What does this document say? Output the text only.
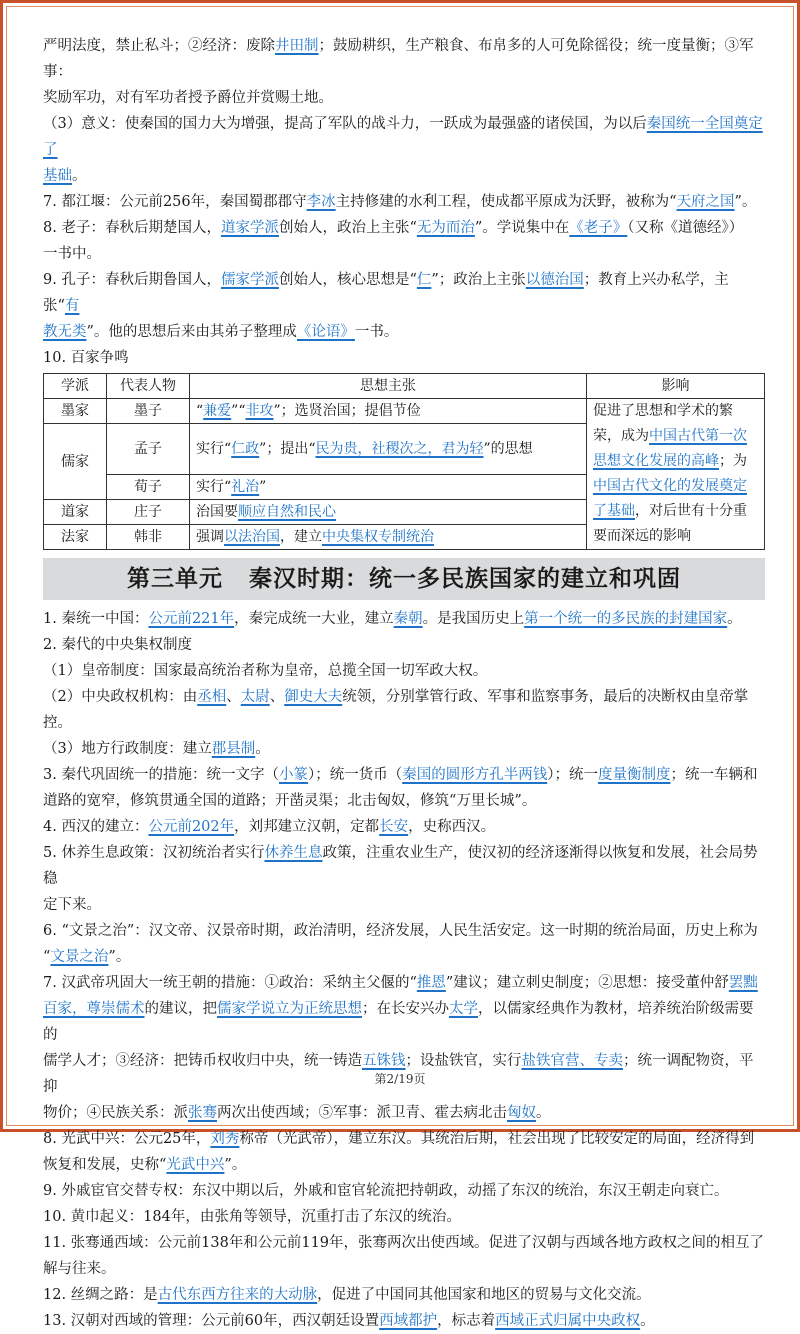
严明法度，禁止私斗；②经济：废除井田制；鼓励耕织，生产粮食、布帛多的人可免除徭役；统一度量衡；③军事：

奖励军功，对有军功者授予爵位并赏赐土地。

（3）意义：使秦国的国力大为增强，提高了军队的战斗力，一跃成为最强盛的诸侯国，为以后秦国统一全国奠定了

基础。

7. 都江堰：公元前256年，秦国蜀郡郡守李冰主持修建的水利工程，使成都平原成为沃野，被称为“天府之国”。

8. 老子：春秋后期楚国人，道家学派创始人，政治上主张“无为而治”。学说集中在《老子》（又称《道德经》）

一书中。

9. 孔子：春秋后期鲁国人，儒家学派创始人，核心思想是“仁”；政治上主张以德治国；教育上兴办私学，主张“有

教无类”。他的思想后来由其弟子整理成《论语》一书。

10. 百家争鸣

学派	代表人物	思想主张	影响
墨家	墨子	“兼爱”“非攻”；选贤治国；提倡节俭	促进了思想和学术的繁荣，成为中国古代第一次思想文化发展的高峰；为中国古代文化的发展奠定了基础，对后世有十分重要而深远的影响
儒家	孟子	实行“仁政”；提出“民为贵，社稷次之，君为轻”的思想	
	荀子	实行“礼治”	
道家	庄子	治国要顺应自然和民心	
法家	韩非	强调以法治国，建立中央集权专制统治	
第三单元 秦汉时期：统一多民族国家的建立和巩固

1. 秦统一中国：公元前221年，秦完成统一大业，建立秦朝。是我国历史上第一个统一的多民族的封建国家。

2. 秦代的中央集权制度

（1）皇帝制度：国家最高统治者称为皇帝，总揽全国一切军政大权。

（2）中央政权机构：由丞相、太尉、御史大夫统领，分别掌管行政、军事和监察事务，最后的决断权由皇帝掌控。

（3）地方行政制度：建立郡县制。

3. 秦代巩固统一的措施：统一文字（小篆）；统一货币（秦国的圆形方孔半两钱）；统一度量衡制度；统一车辆和

道路的宽窄，修筑贯通全国的道路；开凿灵渠；北击匈奴，修筑“万里长城”。

4. 西汉的建立：公元前202年，刘邦建立汉朝，定都长安，史称西汉。

5. 休养生息政策：汉初统治者实行休养生息政策，注重农业生产，使汉初的经济逐渐得以恢复和发展，社会局势稳

定下来。

6. “文景之治”：汉文帝、汉景帝时期，政治清明，经济发展，人民生活安定。这一时期的统治局面，历史上称为

“文景之治”。

7. 汉武帝巩固大一统王朝的措施：①政治：采纳主父偃的“推恩”建议；建立刺史制度；②思想：接受董仲舒罢黜

百家，尊崇儒术的建议，把儒家学说立为正统思想；在长安兴办太学，以儒家经典作为教材，培养统治阶级需要的

儒学人才；③经济：把铸币权收归中央，统一铸造五铢钱；设盐铁官，实行盐铁官营、专卖；统一调配物资，平抑

物价；④民族关系：派张骞两次出使西域；⑤军事：派卫青、霍去病北击匈奴。

8. 光武中兴：公元25年，刘秀称帝（光武帝），建立东汉。其统治后期，社会出现了比较安定的局面，经济得到

恢复和发展，史称“光武中兴”。

9. 外戚宦官交替专权：东汉中期以后，外戚和宦官轮流把持朝政，动摇了东汉的统治，东汉王朝走向衰亡。

10. 黄巾起义：184年，由张角等领导，沉重打击了东汉的统治。

11. 张骞通西域：公元前138年和公元前119年，张骞两次出使西域。促进了汉朝与西域各地方政权之间的相互了

解与往来。

12. 丝绸之路：是古代东西方往来的大动脉，促进了中国同其他国家和地区的贸易与文化交流。

13. 汉朝对西域的管理：公元前60年，西汉朝廷设置西域都护，标志着西域正式归属中央政权。

第2/19页
